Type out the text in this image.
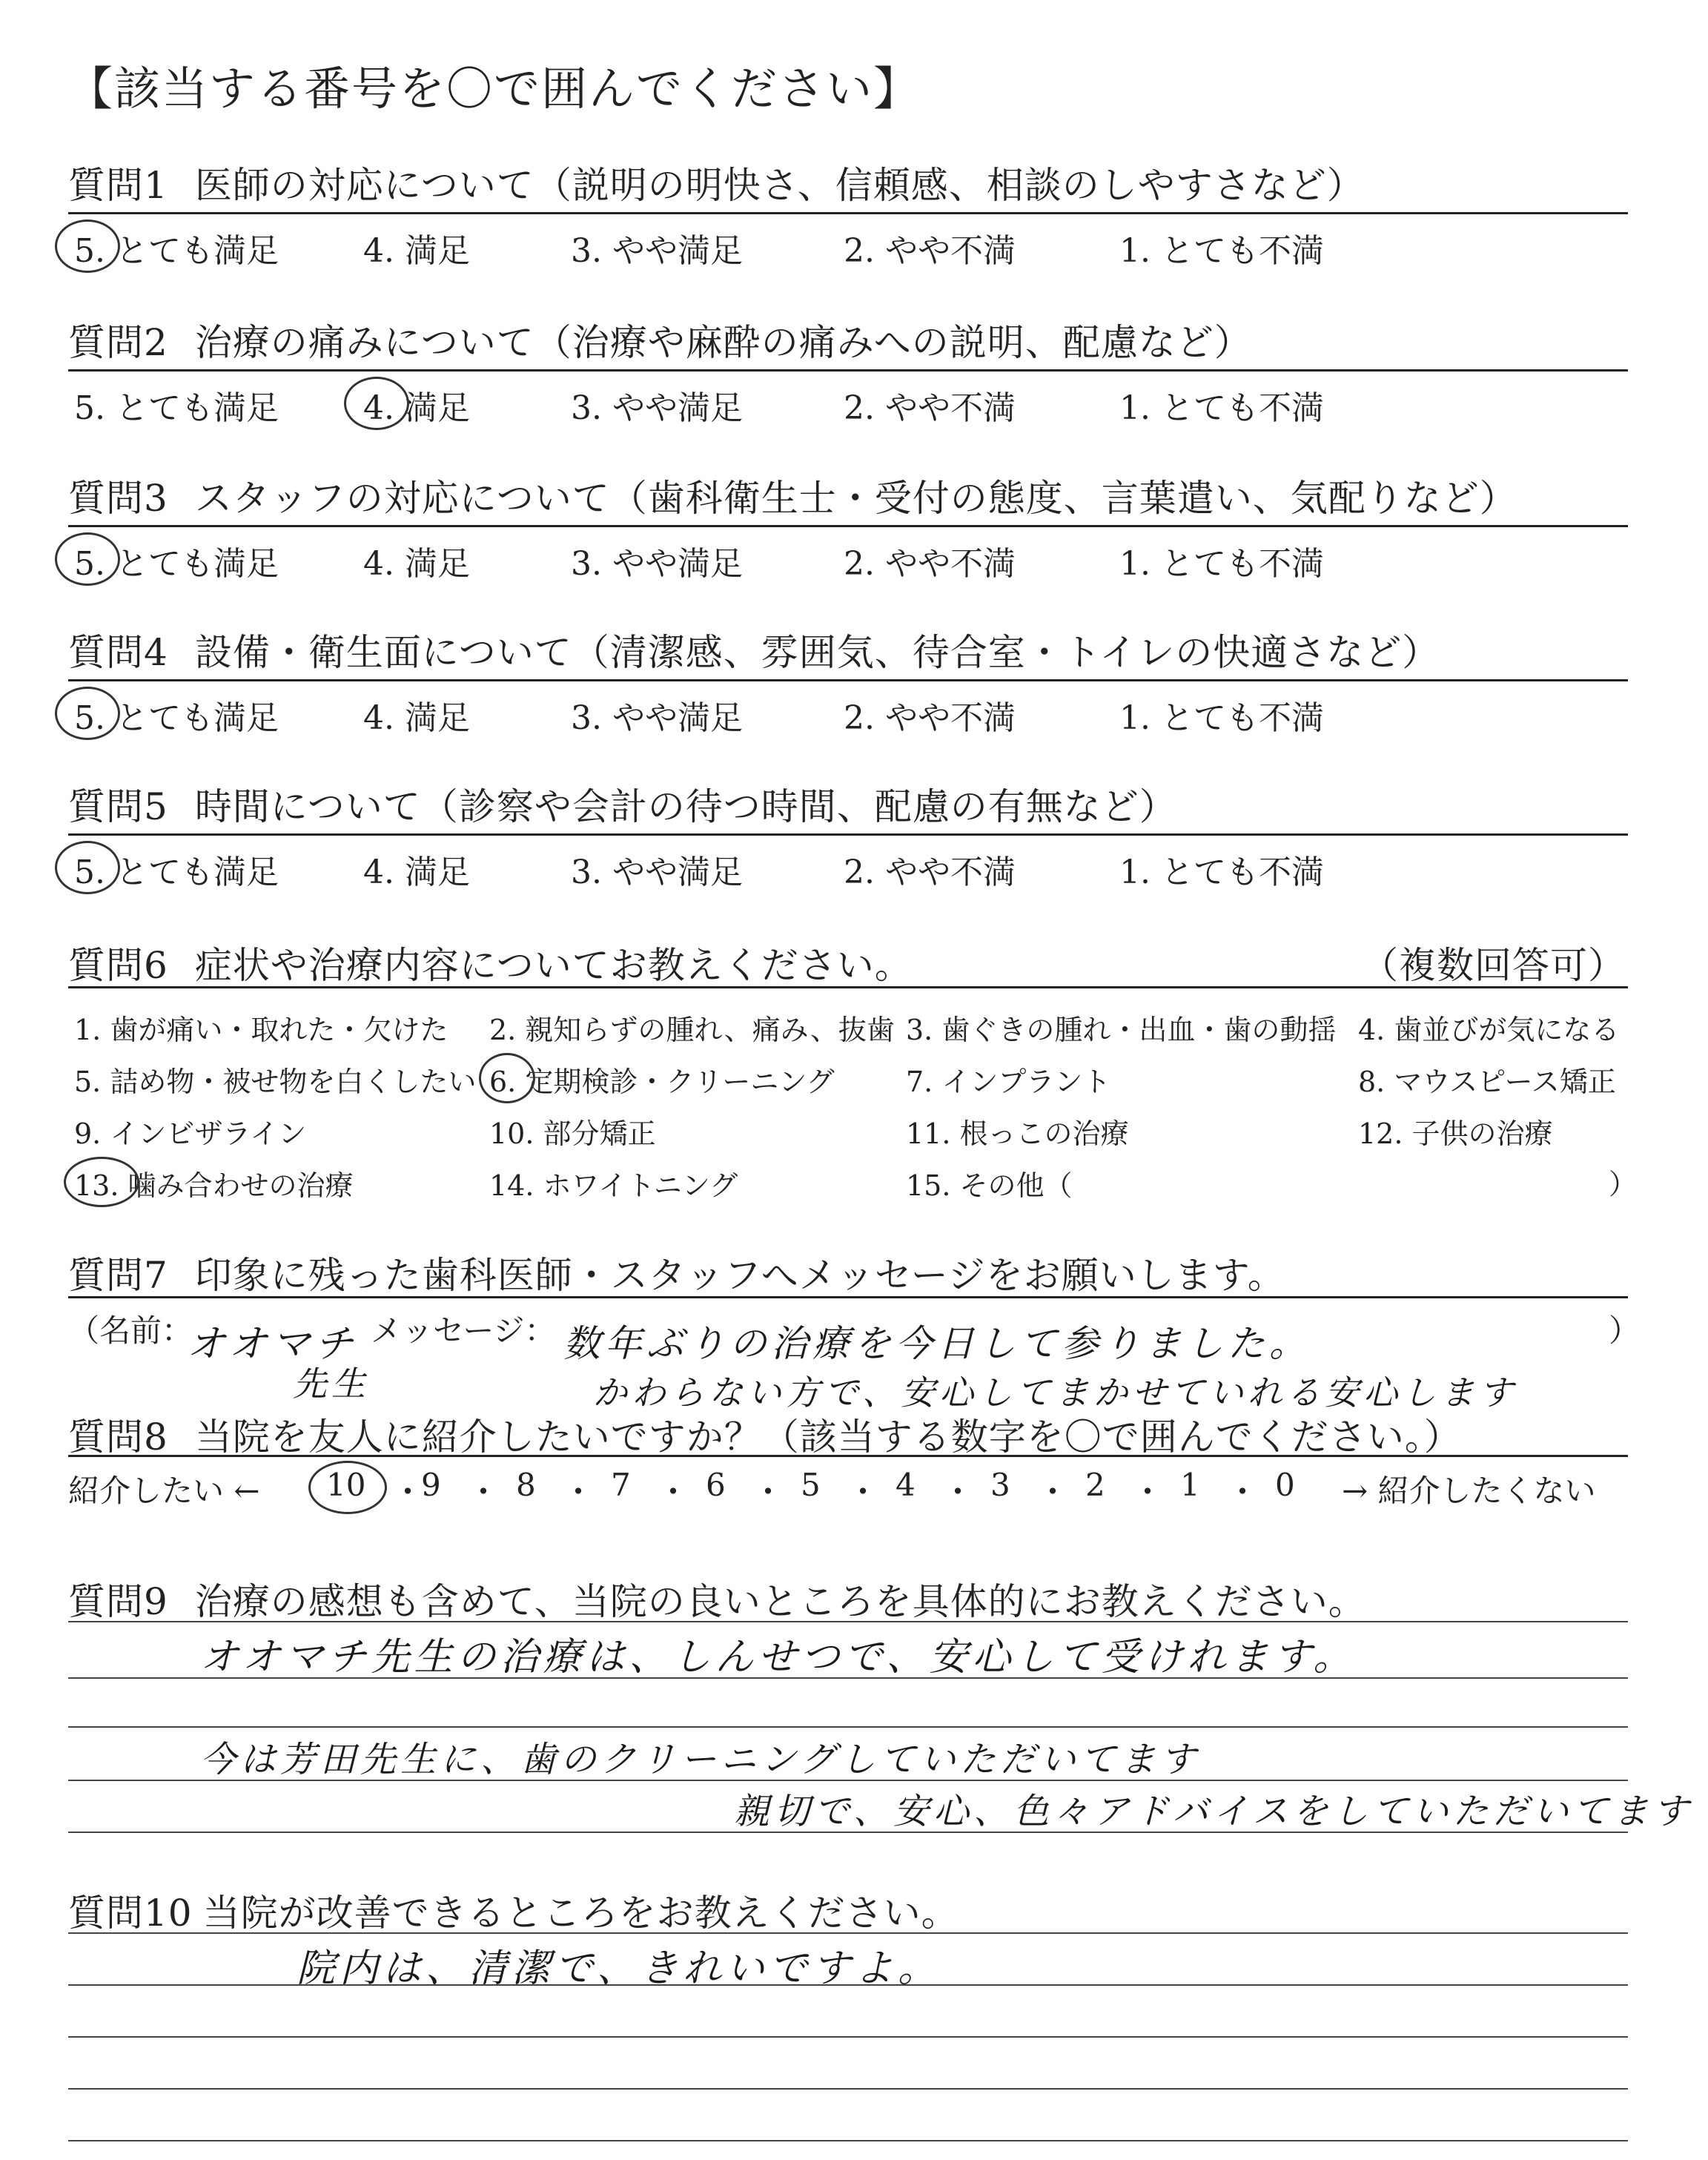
【該当する番号を〇で囲んでください】
質問1 医師の対応について（説明の明快さ、信頼感、相談のしやすさなど）
5. とても満足	4. 満足	3. やや満足	2. やや不満	1. とても不満
質問2 治療の痛みについて（治療や麻酔の痛みへの説明、配慮など）
5. とても満足	4. 満足	3. やや満足	2. やや不満	1. とても不満
質問3 スタッフの対応について（歯科衛生士・受付の態度、言葉遣い、気配りなど）
5. とても満足	4. 満足	3. やや満足	2. やや不満	1. とても不満
質問4 設備・衛生面について（清潔感、雰囲気、待合室・トイレの快適さなど）
5. とても満足	4. 満足	3. やや満足	2. やや不満	1. とても不満
質問5 時間について（診察や会計の待つ時間、配慮の有無など）
5. とても満足	4. 満足	3. やや満足	2. やや不満	1. とても不満
質問6 症状や治療内容についてお教えください。	（複数回答可）
1. 歯が痛い・取れた・欠けた 2. 親知らずの腫れ、痛み、抜歯 3. 歯ぐきの腫れ・出血・歯の動揺 4. 歯並びが気になる
5. 詰め物・被せ物を白くしたい 6. 定期検診・クリーニング	7. インプラント	8. マウスピース矯正
9. インビザライン	10. 部分矯正	11. 根っこの治療	12. 子供の治療
13. 噛み合わせの治療	14. ホワイトニング	15. その他（	）
質問7 印象に残った歯科医師・スタッフへメッセージをお願いします。
（名前：
オオマチ
先生
メッセージ： 数年ぶりの治療を今日して参りました。
かわらない方で、安心してまかせていれる安心します
）
質問8 当院を友人に紹介したいですか？（該当する数字を〇で囲んでください。）
紹介したい ← 10 ・
9 ・ 8 ・ 7 ・ 6 ・ 5 ・ 4 ・ 3 ・ 2 ・ 1 ・ 0 → 紹介したくない
質問9 治療の感想も含めて、当院の良いところを具体的にお教えください。
オオマチ先生の治療は、しんせつで、安心して受けれます。
今は芳田先生に、歯のクリーニングしていただいてます
親切で、安心、色々アドバイスをしていただいてます
質問10 当院が改善できるところをお教えください。
院内は、清潔で、きれいですよ。
